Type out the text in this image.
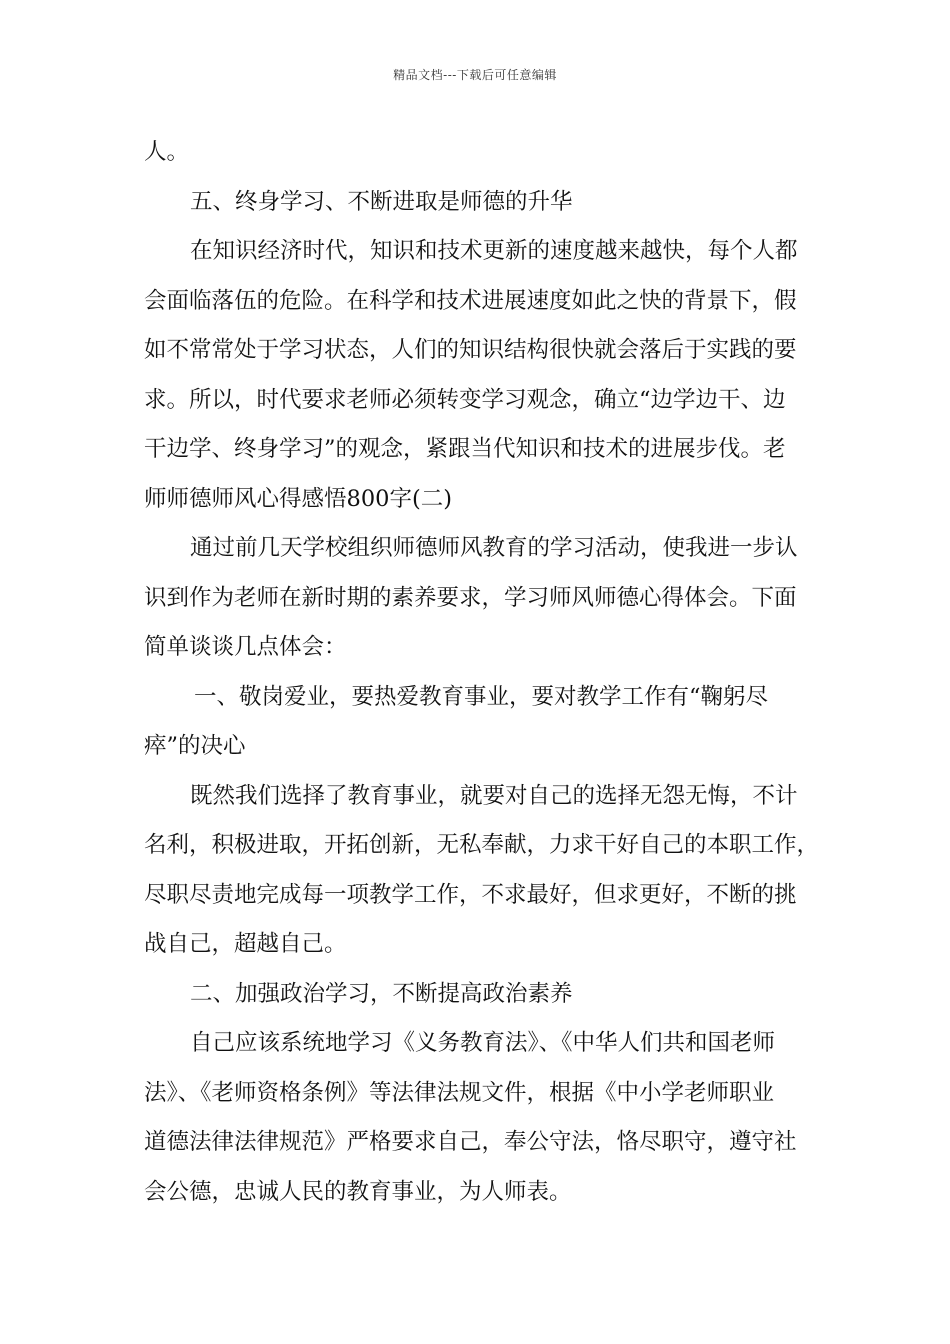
精品文档---下载后可任意编辑
人。
五、终身学习、不断进取是师德的升华
在知识经济时代，知识和技术更新的速度越来越快，每个人都
会面临落伍的危险。在科学和技术进展速度如此之快的背景下，假
如不常常处于学习状态，人们的知识结构很快就会落后于实践的要
求。所以，时代要求老师必须转变学习观念，确立“边学边干、边
干边学、终身学习”的观念，紧跟当代知识和技术的进展步伐。老
师师德师风心得感悟800字(二)
通过前几天学校组织师德师风教育的学习活动，使我进一步认
识到作为老师在新时期的素养要求，学习师风师德心得体会。下面
简单谈谈几点体会：
一、敬岗爱业，要热爱教育事业，要对教学工作有“鞠躬尽
瘁”的决心
既然我们选择了教育事业，就要对自己的选择无怨无悔，不计
名利，积极进取，开拓创新，无私奉献，力求干好自己的本职工作，
尽职尽责地完成每一项教学工作，不求最好，但求更好，不断的挑
战自己，超越自己。
二、加强政治学习，不断提高政治素养
自己应该系统地学习《义务教育法》、《中华人们共和国老师
法》、《老师资格条例》等法律法规文件，根据《中小学老师职业
道德法律法律规范》严格要求自己，奉公守法，恪尽职守，遵守社
会公德，忠诚人民的教育事业，为人师表。
